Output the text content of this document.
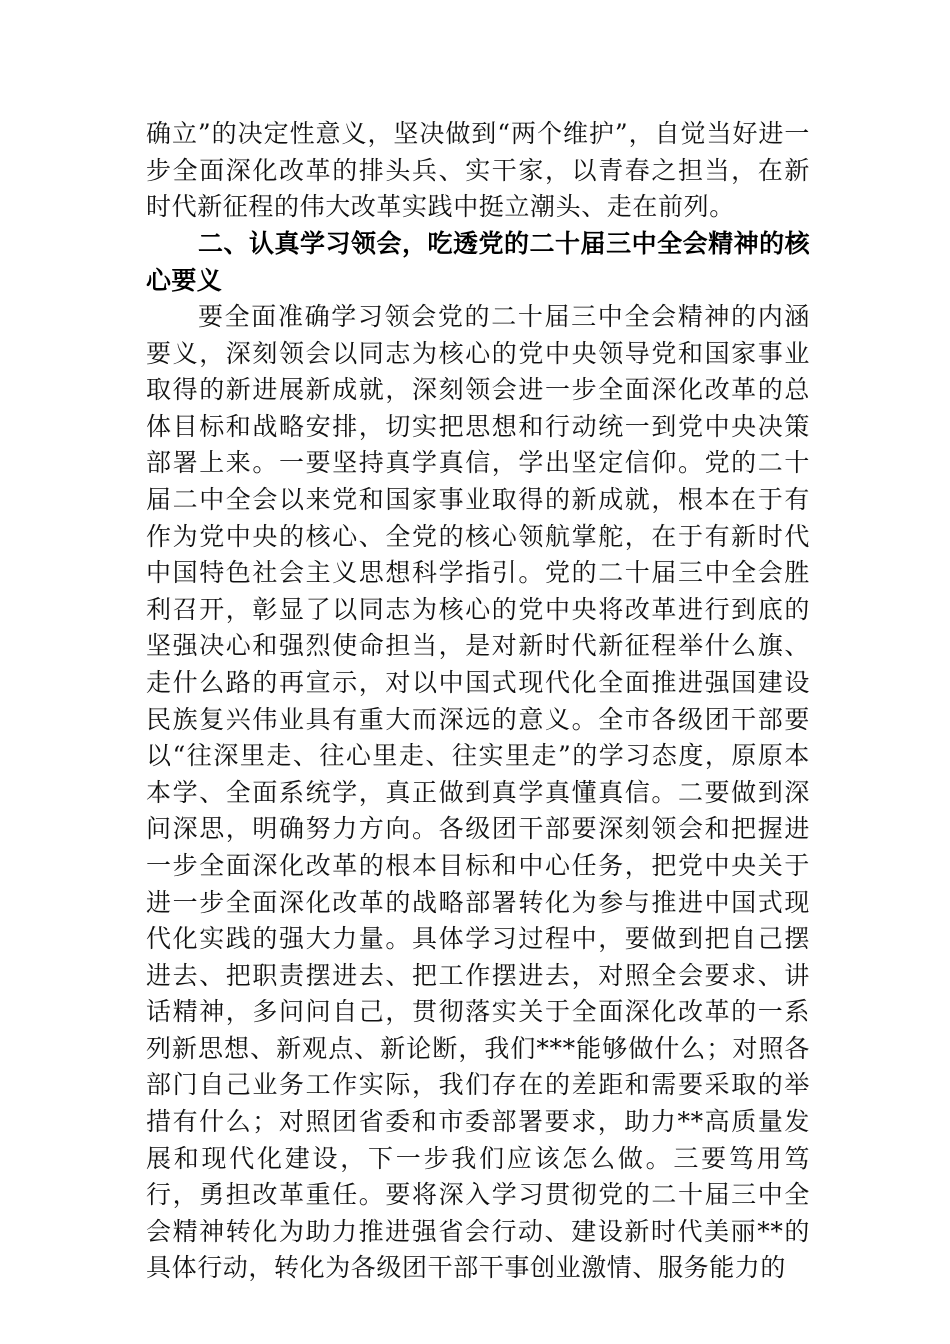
确立”的决定性意义，坚决做到“两个维护”，自觉当好进一步全面深化改革的排头兵、实干家，以青春之担当，在新时代新征程的伟大改革实践中挺立潮头、走在前列。

二、认真学习领会，吃透党的二十届三中全会精神的核心要义

要全面准确学习领会党的二十届三中全会精神的内涵要义，深刻领会以同志为核心的党中央领导党和国家事业取得的新进展新成就，深刻领会进一步全面深化改革的总体目标和战略安排，切实把思想和行动统一到党中央决策部署上来。一要坚持真学真信，学出坚定信仰。党的二十届二中全会以来党和国家事业取得的新成就，根本在于有作为党中央的核心、全党的核心领航掌舵，在于有新时代中国特色社会主义思想科学指引。党的二十届三中全会胜利召开，彰显了以同志为核心的党中央将改革进行到底的坚强决心和强烈使命担当，是对新时代新征程举什么旗、走什么路的再宣示，对以中国式现代化全面推进强国建设民族复兴伟业具有重大而深远的意义。全市各级团干部要以“往深里走、往心里走、往实里走”的学习态度，原原本本学、全面系统学，真正做到真学真懂真信。二要做到深问深思，明确努力方向。各级团干部要深刻领会和把握进一步全面深化改革的根本目标和中心任务，把党中央关于进一步全面深化改革的战略部署转化为参与推进中国式现代化实践的强大力量。具体学习过程中，要做到把自己摆进去、把职责摆进去、把工作摆进去，对照全会要求、讲话精神，多问问自己，贯彻落实关于全面深化改革的一系列新思想、新观点、新论断，我们***能够做什么；对照各部门自己业务工作实际，我们存在的差距和需要采取的举措有什么；对照团省委和市委部署要求，助力**高质量发展和现代化建设，下一步我们应该怎么做。三要笃用笃行，勇担改革重任。要将深入学习贯彻党的二十届三中全会精神转化为助力推进强省会行动、建设新时代美丽**的具体行动，转化为各级团干部干事创业激情、服务能力的
